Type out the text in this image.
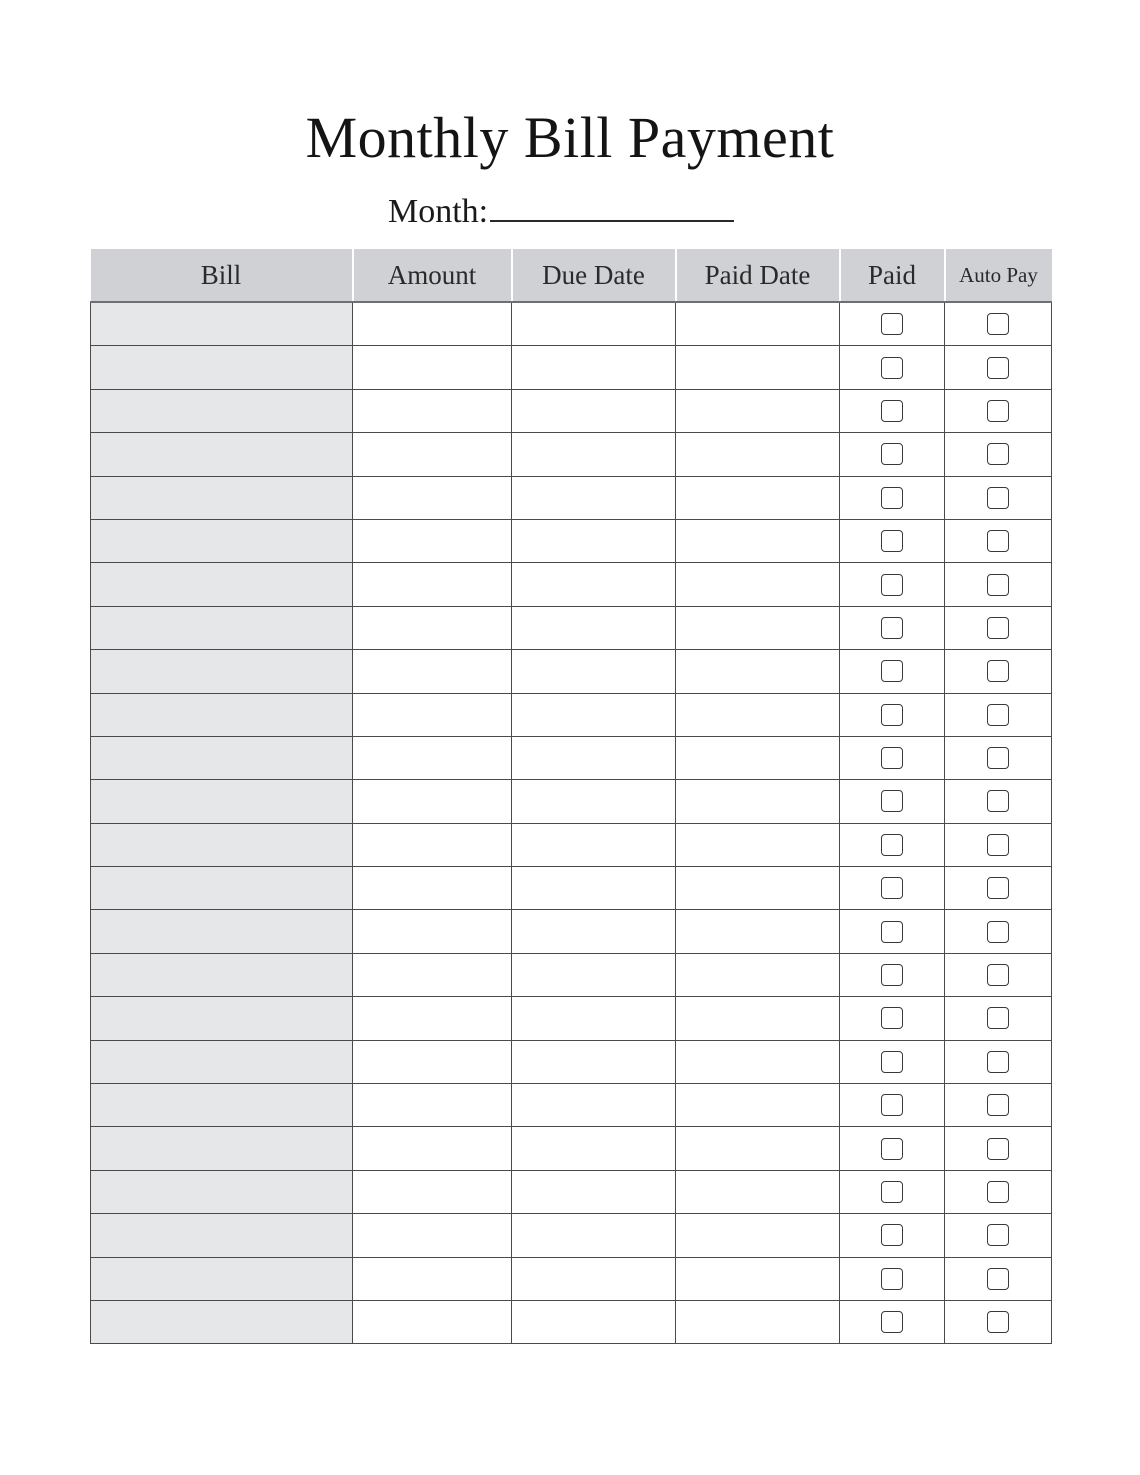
Monthly Bill Payment
Month:
Bill	Amount	Due Date	Paid Date	Paid	Auto Pay
